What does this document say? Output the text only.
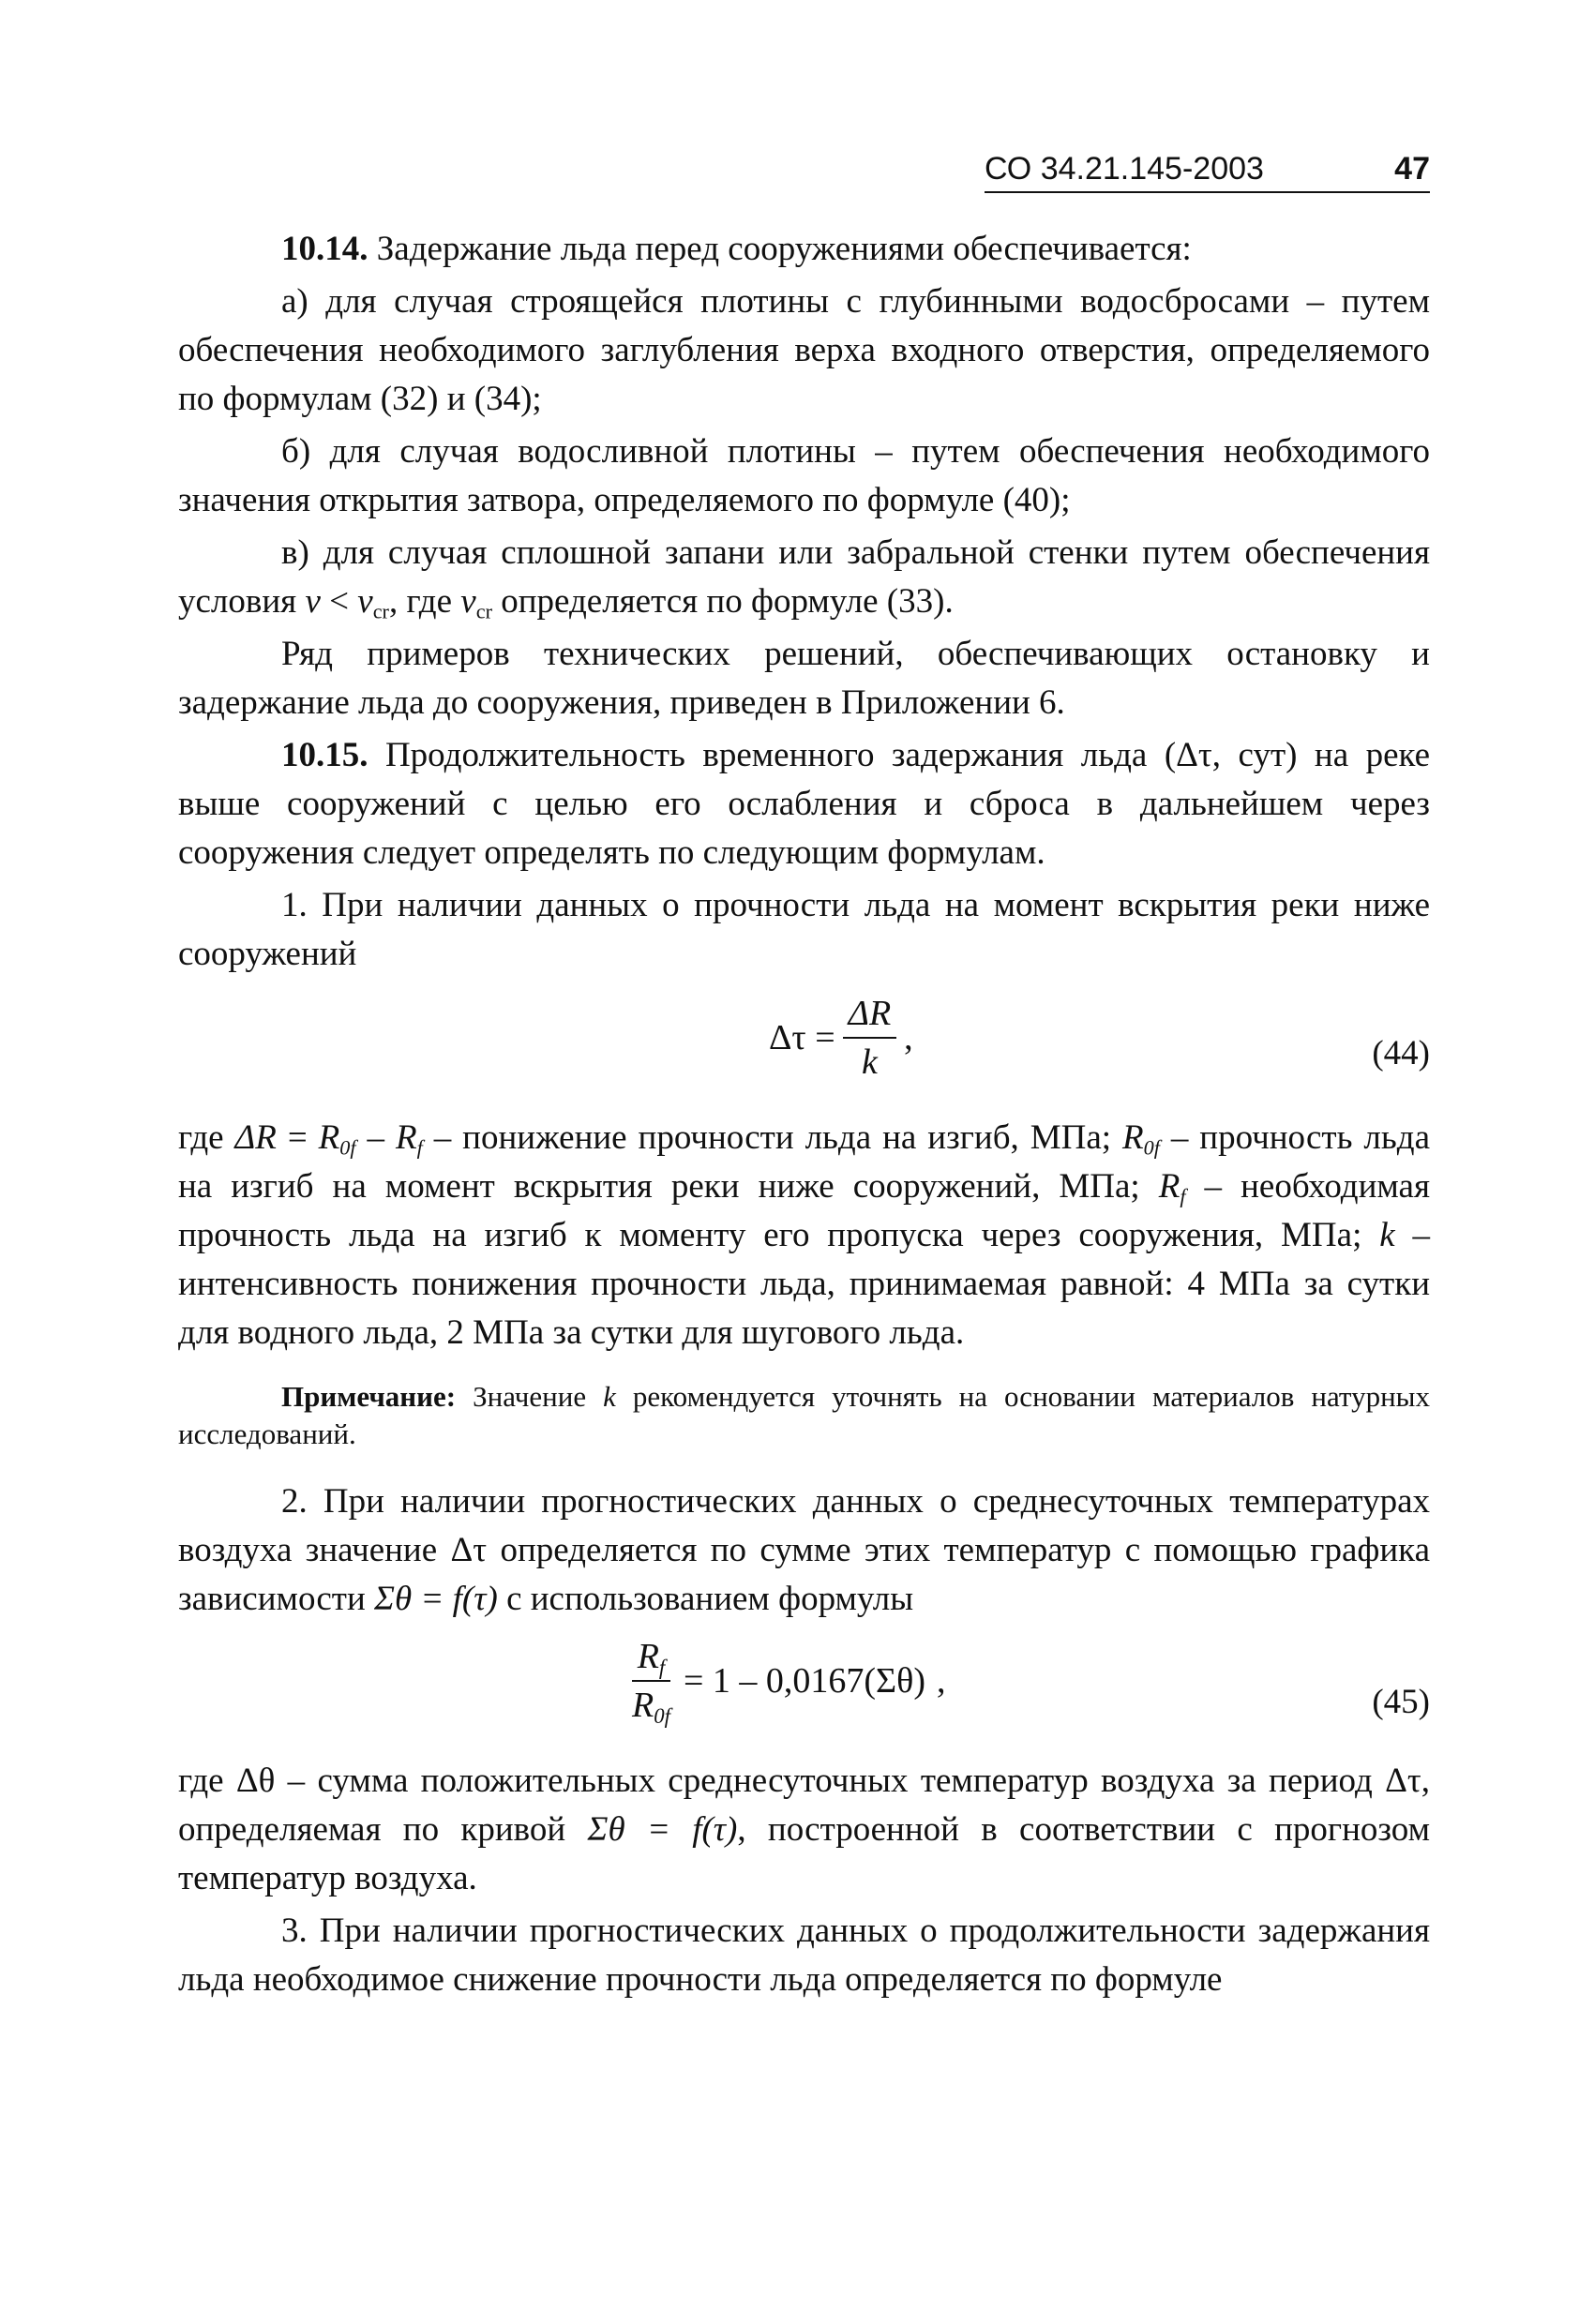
СО 34.21.145-2003	47

10.14. Задержание льда перед сооружениями обеспечивается:

а) для случая строящейся плотины с глубинными водосбросами – путем обеспечения необходимого заглубления верха входного отверстия, определяемого по формулам (32) и (34);

б) для случая водосливной плотины – путем обеспечения необходимого значения открытия затвора, определяемого по формуле (40);

в) для случая сплошной запани или забральной стенки путем обеспечения условия $v < v_{cr}$, где $v_{cr}$ определяется по формуле (33).

Ряд примеров технических решений, обеспечивающих остановку и задержание льда до сооружения, приведен в Приложении 6.

10.15. Продолжительность временного задержания льда (Δτ, сут) на реке выше сооружений с целью его ослабления и сброса в дальнейшем через сооружения следует определять по следующим формулам.

1. При наличии данных о прочности льда на момент вскрытия реки ниже сооружений

$\Delta\tau = \frac{\Delta R}{k}$ ,	(44)

где $\Delta R = R_{0f} - R_f$ – понижение прочности льда на изгиб, МПа; $R_{0f}$ – прочность льда на изгиб на момент вскрытия реки ниже сооружений, МПа; $R_f$ – необходимая прочность льда на изгиб к моменту его пропуска через сооружения, МПа; k – интенсивность понижения прочности льда, принимаемая равной: 4 МПа за сутки для водного льда, 2 МПа за сутки для шугового льда.

Примечание: Значение k рекомендуется уточнять на основании материалов натурных исследований.

2. При наличии прогностических данных о среднесуточных температурах воздуха значение Δτ определяется по сумме этих температур с помощью графика зависимости Σθ = f(τ) с использованием формулы

$\frac{R_f}{R_{0f}} = 1 - 0,0167(\Sigma\theta)$ ,
(45)

где Δθ – сумма положительных среднесуточных температур воздуха за период Δτ, определяемая по кривой Σθ = f(τ), построенной в соответствии с прогнозом температур воздуха.

3. При наличии прогностических данных о продолжительности задержания льда необходимое снижение прочности льда определяется по формуле
